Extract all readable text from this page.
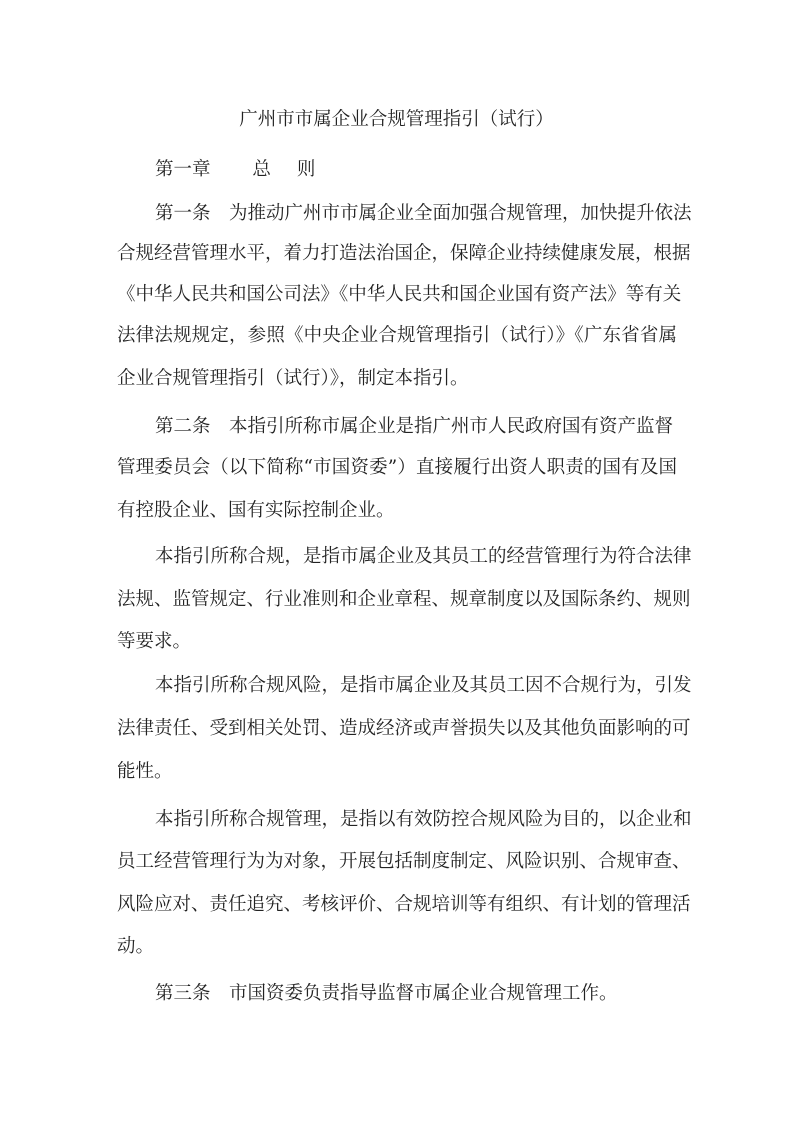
广州市市属企业合规管理指引（试行）
第一章 总 则
第一条　为推动广州市市属企业全面加强合规管理，加快提升依法
合规经营管理水平，着力打造法治国企，保障企业持续健康发展，根据
《中华人民共和国公司法》《中华人民共和国企业国有资产法》等有关
法律法规规定，参照《中央企业合规管理指引（试行）》《广东省省属
企业合规管理指引（试行）》，制定本指引。
第二条　本指引所称市属企业是指广州市人民政府国有资产监督
管理委员会（以下简称“市国资委”）直接履行出资人职责的国有及国
有控股企业、国有实际控制企业。
本指引所称合规，是指市属企业及其员工的经营管理行为符合法律
法规、监管规定、行业准则和企业章程、规章制度以及国际条约、规则
等要求。
本指引所称合规风险，是指市属企业及其员工因不合规行为，引发
法律责任、受到相关处罚、造成经济或声誉损失以及其他负面影响的可
能性。
本指引所称合规管理，是指以有效防控合规风险为目的，以企业和
员工经营管理行为为对象，开展包括制度制定、风险识别、合规审查、
风险应对、责任追究、考核评价、合规培训等有组织、有计划的管理活
动。
第三条　市国资委负责指导监督市属企业合规管理工作。
